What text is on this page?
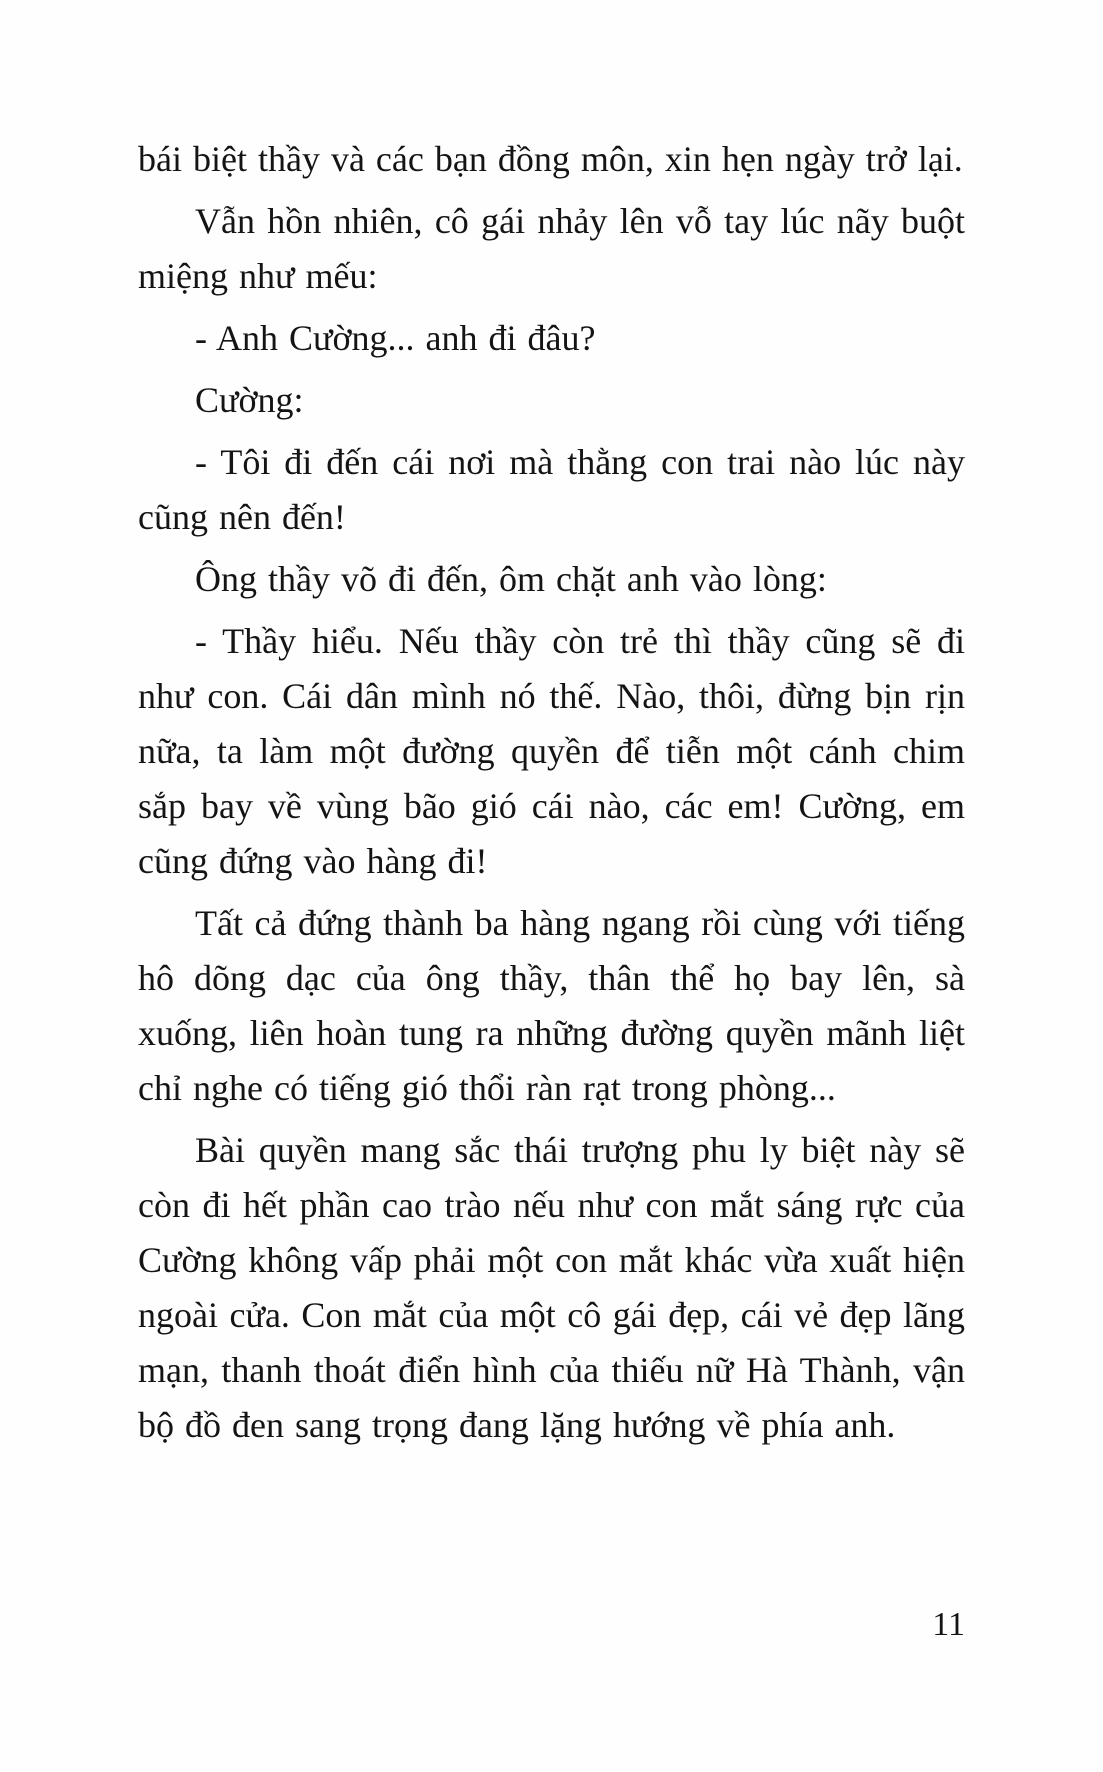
bái biệt thầy và các bạn đồng môn, xin hẹn ngày trở lại.

Vẫn hồn nhiên, cô gái nhảy lên vỗ tay lúc nãy buột miệng như mếu:

- Anh Cường... anh đi đâu?

Cường:

- Tôi đi đến cái nơi mà thằng con trai nào lúc này cũng nên đến!

Ông thầy võ đi đến, ôm chặt anh vào lòng:

- Thầy hiểu. Nếu thầy còn trẻ thì thầy cũng sẽ đi như con. Cái dân mình nó thế. Nào, thôi, đừng bịn rịn nữa, ta làm một đường quyền để tiễn một cánh chim sắp bay về vùng bão gió cái nào, các em! Cường, em cũng đứng vào hàng đi!

Tất cả đứng thành ba hàng ngang rồi cùng với tiếng hô dõng dạc của ông thầy, thân thể họ bay lên, sà xuống, liên hoàn tung ra những đường quyền mãnh liệt chỉ nghe có tiếng gió thổi ràn rạt trong phòng...

Bài quyền mang sắc thái trượng phu ly biệt này sẽ còn đi hết phần cao trào nếu như con mắt sáng rực của Cường không vấp phải một con mắt khác vừa xuất hiện ngoài cửa. Con mắt của một cô gái đẹp, cái vẻ đẹp lãng mạn, thanh thoát điển hình của thiếu nữ Hà Thành, vận bộ đồ đen sang trọng đang lặng hướng về phía anh.

11
